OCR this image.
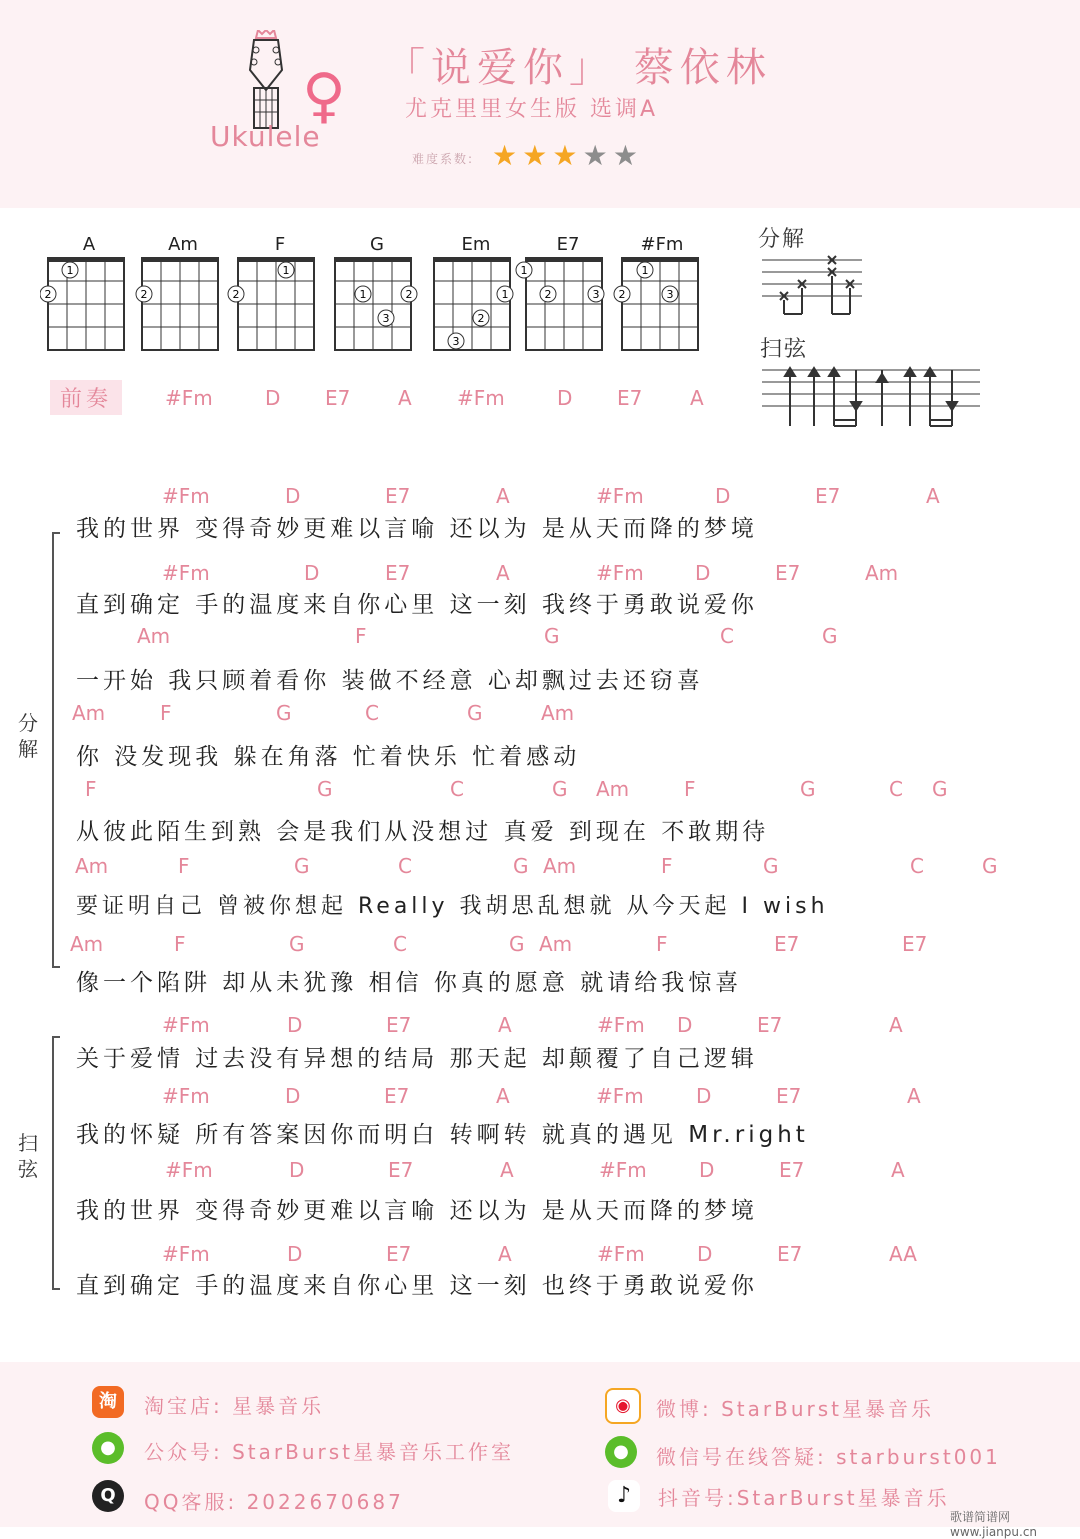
Ukulele
♀ 「说爱你」 蔡依林
尤克里里女生版 选调A
难度系数: ★ ★ ★ ★ ★
A	Am	F	G	Em	E7	#Fm
1
2	2
1
2	1	2
3
1
2
3
1
2	3
1
2	3
分解
扫弦
前奏	#Fm	D E7 A #Fm	D E7 A
分
解
扫
弦
#Fm	D	E7	A	#Fm	D	E7	A
我的世界 变得奇妙更难以言喻 还以为 是从天而降的梦境
#Fm	D	E7	A	#Fm	D	E7	Am
直到确定 手的温度来自你心里 这一刻 我终于勇敢说爱你
Am	F	G	C	G
一开始 我只顾着看你 装做不经意 心却飘过去还窃喜
Am	F	G	C	G	Am
你 没发现我 躲在角落 忙着快乐 忙着感动
F	G	C	G Am	F	G	C G
从彼此陌生到熟 会是我们从没想过 真爱 到现在 不敢期待
Am	F	G	C	G Am	F	G	C	G
要证明自己 曾被你想起 Really 我胡思乱想就 从今天起 I wish
Am	F	G	C	G Am	F	E7	E7
像一个陷阱 却从未犹豫 相信 你真的愿意 就请给我惊喜
#Fm	D	E7	A	#Fm D	E7	A
关于爱情 过去没有异想的结局 那天起 却颠覆了自己逻辑
#Fm	D	E7	A	#Fm	D	E7	A
我的怀疑 所有答案因你而明白 转啊转 就真的遇见 Mr.right
#Fm	D	E7	A	#Fm	D	E7	A
我的世界 变得奇妙更难以言喻 还以为 是从天而降的梦境
#Fm	D	E7	A	#Fm	D	E7	AA
直到确定 手的温度来自你心里 这一刻 也终于勇敢说爱你
淘	淘宝店: 星暴音乐	◉	微博: StarBurst星暴音乐
●	公众号: StarBurst星暴音乐工作室	●	微信号在线答疑: starburst001
Q	QQ客服: 2022670687	♪	抖音号:StarBurst星暴音乐
歌谱简谱网 www.jianpu.cn
